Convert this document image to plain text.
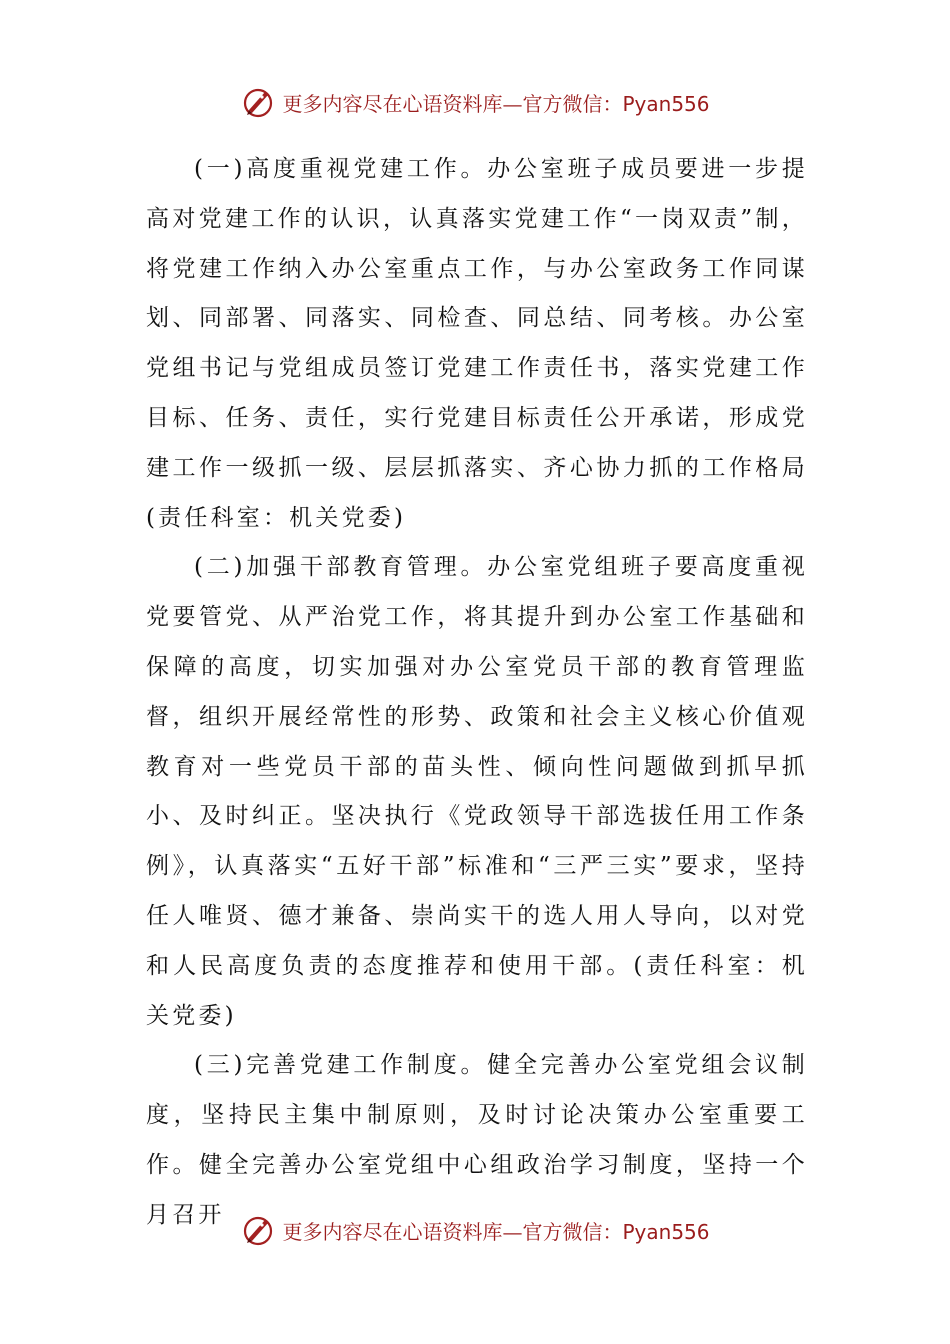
更多内容尽在心语资料库—官方微信：Pyan556

(一)高度重视党建工作。办公室班子成员要进一步提高对党建工作的认识，认真落实党建工作“一岗双责”制，将党建工作纳入办公室重点工作，与办公室政务工作同谋划、同部署、同落实、同检查、同总结、同考核。办公室党组书记与党组成员签订党建工作责任书，落实党建工作目标、任务、责任，实行党建目标责任公开承诺，形成党建工作一级抓一级、层层抓落实、齐心协力抓的工作格局(责任科室：机关党委)

(二)加强干部教育管理。办公室党组班子要高度重视党要管党、从严治党工作，将其提升到办公室工作基础和保障的高度，切实加强对办公室党员干部的教育管理监督，组织开展经常性的形势、政策和社会主义核心价值观教育对一些党员干部的苗头性、倾向性问题做到抓早抓小、及时纠正。坚决执行《党政领导干部选拔任用工作条例》，认真落实“五好干部”标准和“三严三实”要求，坚持任人唯贤、德才兼备、崇尚实干的选人用人导向，以对党和人民高度负责的态度推荐和使用干部。(责任科室：机关党委)

(三)完善党建工作制度。健全完善办公室党组会议制度，坚持民主集中制原则，及时讨论决策办公室重要工作。健全完善办公室党组中心组政治学习制度，坚持一个月召开

更多内容尽在心语资料库—官方微信：Pyan556
